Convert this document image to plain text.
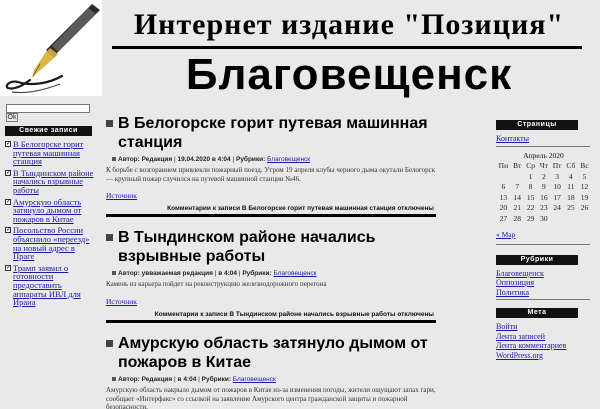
Интернет издание "Позиция"
Благовещенск
Ok
Свежие записи
✓ В Белогорске горит путевая машинная станция
✓ В Тындинском районе начались взрывные работы
✓ Амурскую область затянуло дымом от пожаров в Китае
✓ Посольство России объяснило «переезд» на новый адрес в Праге
✓ Трамп заявил о готовности предоставить аппараты ИВЛ для Ирана
В Белогорске горит путевая машинная станция
Автор: Редакция | 19.04.2020 в 4:04 | Рубрики: Благовещенск
К борьбе с возгоранием привлекли пожарный поезд. Утром 19 апреля клубы черного дыма окутали Белогорск — крупный пожар случился на путевой машинной станции №46.
Источник
Комментарии к записи В Белогорске горит путевая машинная станция отключены
В Тындинском районе начались взрывные работы
Автор: увважаемая редакция | в 4:04 | Рубрики: Благовещенск
Камень из карьера пойдет на реконструкцию железнодорожного перегона
Источник
Комментарии к записи В Тындинском районе начались взрывные работы отключены
Амурскую область затянуло дымом от пожаров в Китае
Автор: Редакция | в 4:04 | Рубрики: Благовещенск
Амурскую область накрыло дымом от пожаров в Китае из-за изменения погоды, жители ощущают запах гари, сообщает «Интерфакс» со ссылкой на заявление Амурского центра гражданской защиты и пожарной безопасности.
Страницы
Контакты
Апрель 2020
Пн	Вт	Ср	Чт	Пт	Сб	Вс
		1	2	3	4	5
6	7	8	9	10	11	12
13	14	15	16	17	18	19
20	21	22	23	24	25	26
27	28	29	30			
« Мар
Рубрики
Благовещенск
Оппозиция
Политика
Мета
Войти
Лента записей
Лента комментариев
WordPress.org
